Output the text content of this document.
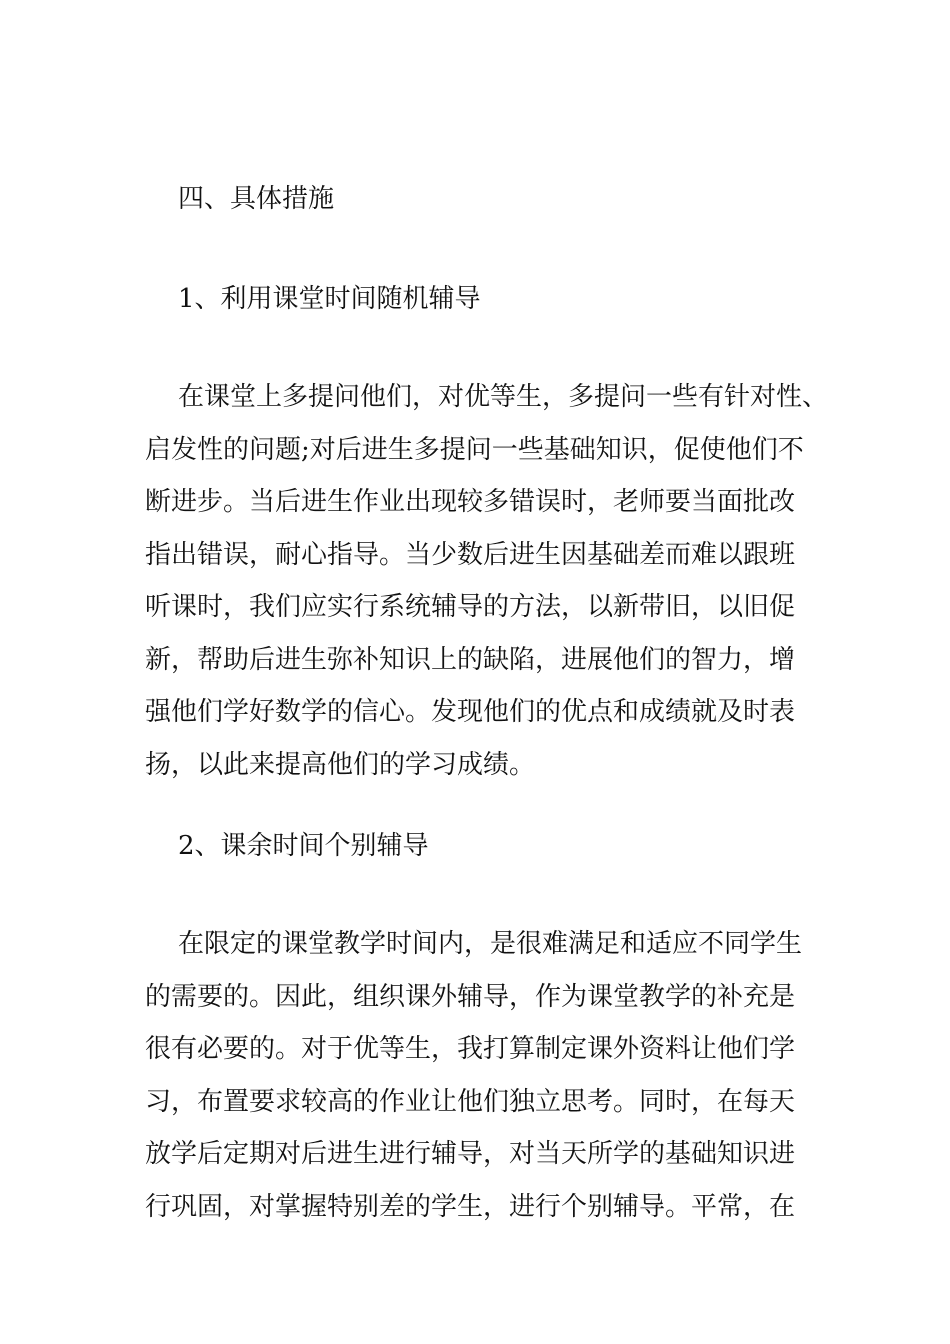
四、具体措施
1、利用课堂时间随机辅导

在课堂上多提问他们，对优等生，多提问一些有针对性、
启发性的问题;对后进生多提问一些基础知识，促使他们不
断进步。当后进生作业出现较多错误时，老师要当面批改
指出错误，耐心指导。当少数后进生因基础差而难以跟班
听课时，我们应实行系统辅导的方法，以新带旧，以旧促
新，帮助后进生弥补知识上的缺陷，进展他们的智力，增
强他们学好数学的信心。发现他们的优点和成绩就及时表
扬，以此来提高他们的学习成绩。

2、课余时间个别辅导

在限定的课堂教学时间内，是很难满足和适应不同学生
的需要的。因此，组织课外辅导，作为课堂教学的补充是
很有必要的。对于优等生，我打算制定课外资料让他们学
习，布置要求较高的作业让他们独立思考。同时，在每天
放学后定期对后进生进行辅导，对当天所学的基础知识进
行巩固，对掌握特别差的学生，进行个别辅导。平常，在
